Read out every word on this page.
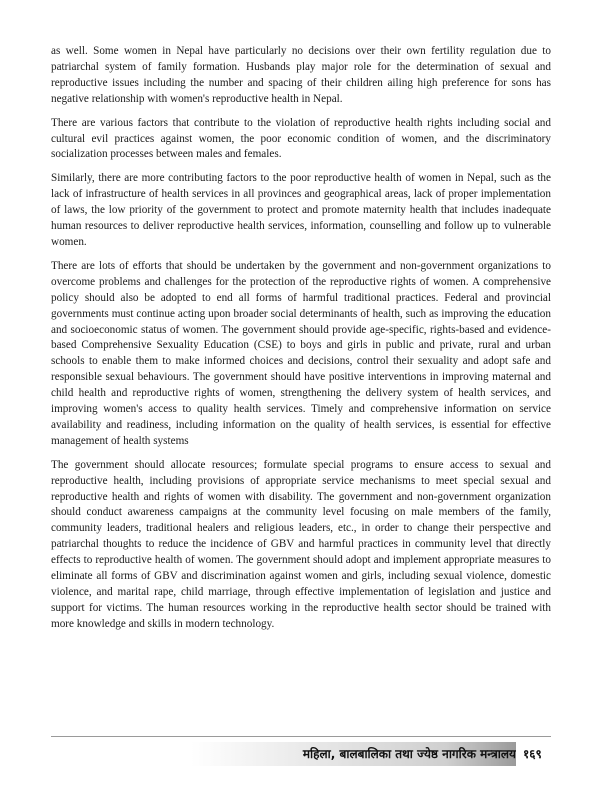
as well. Some women in Nepal have particularly no decisions over their own fertility regulation due to patriarchal system of family formation. Husbands play major role for the determination of sexual and reproductive issues including the number and spacing of their children ailing high preference for sons has negative relationship with women's reproductive health in Nepal.

There are various factors that contribute to the violation of reproductive health rights including social and cultural evil practices against women, the poor economic condition of women, and the discriminatory socialization processes between males and females.

Similarly, there are more contributing factors to the poor reproductive health of women in Nepal, such as the lack of infrastructure of health services in all provinces and geographical areas, lack of proper implementation of laws, the low priority of the government to protect and promote maternity health that includes inadequate human resources to deliver reproductive health services, information, counselling and follow up to vulnerable women.

There are lots of efforts that should be undertaken by the government and non-government organizations to overcome problems and challenges for the protection of the reproductive rights of women. A comprehensive policy should also be adopted to end all forms of harmful traditional practices. Federal and provincial governments must continue acting upon broader social determinants of health, such as improving the education and socioeconomic status of women. The government should provide age-specific, rights-based and evidence-based Comprehensive Sexuality Education (CSE) to boys and girls in public and private, rural and urban schools to enable them to make informed choices and decisions, control their sexuality and adopt safe and responsible sexual behaviours. The government should have positive interventions in improving maternal and child health and reproductive rights of women, strengthening the delivery system of health services, and improving women's access to quality health services. Timely and comprehensive information on service availability and readiness, including information on the quality of health services, is essential for effective management of health systems

The government should allocate resources; formulate special programs to ensure access to sexual and reproductive health, including provisions of appropriate service mechanisms to meet special sexual and reproductive health and rights of women with disability. The government and non-government organization should conduct awareness campaigns at the community level focusing on male members of the family, community leaders, traditional healers and religious leaders, etc., in order to change their perspective and patriarchal thoughts to reduce the incidence of GBV and harmful practices in community level that directly effects to reproductive health of women. The government should adopt and implement appropriate measures to eliminate all forms of GBV and discrimination against women and girls, including sexual violence, domestic violence, and marital rape, child marriage, through effective implementation of legislation and justice and support for victims. The human resources working in the reproductive health sector should be trained with more knowledge and skills in modern technology.

महिला, बालबालिका तथा ज्येष्ठ नागरिक मन्त्रालय १६९
